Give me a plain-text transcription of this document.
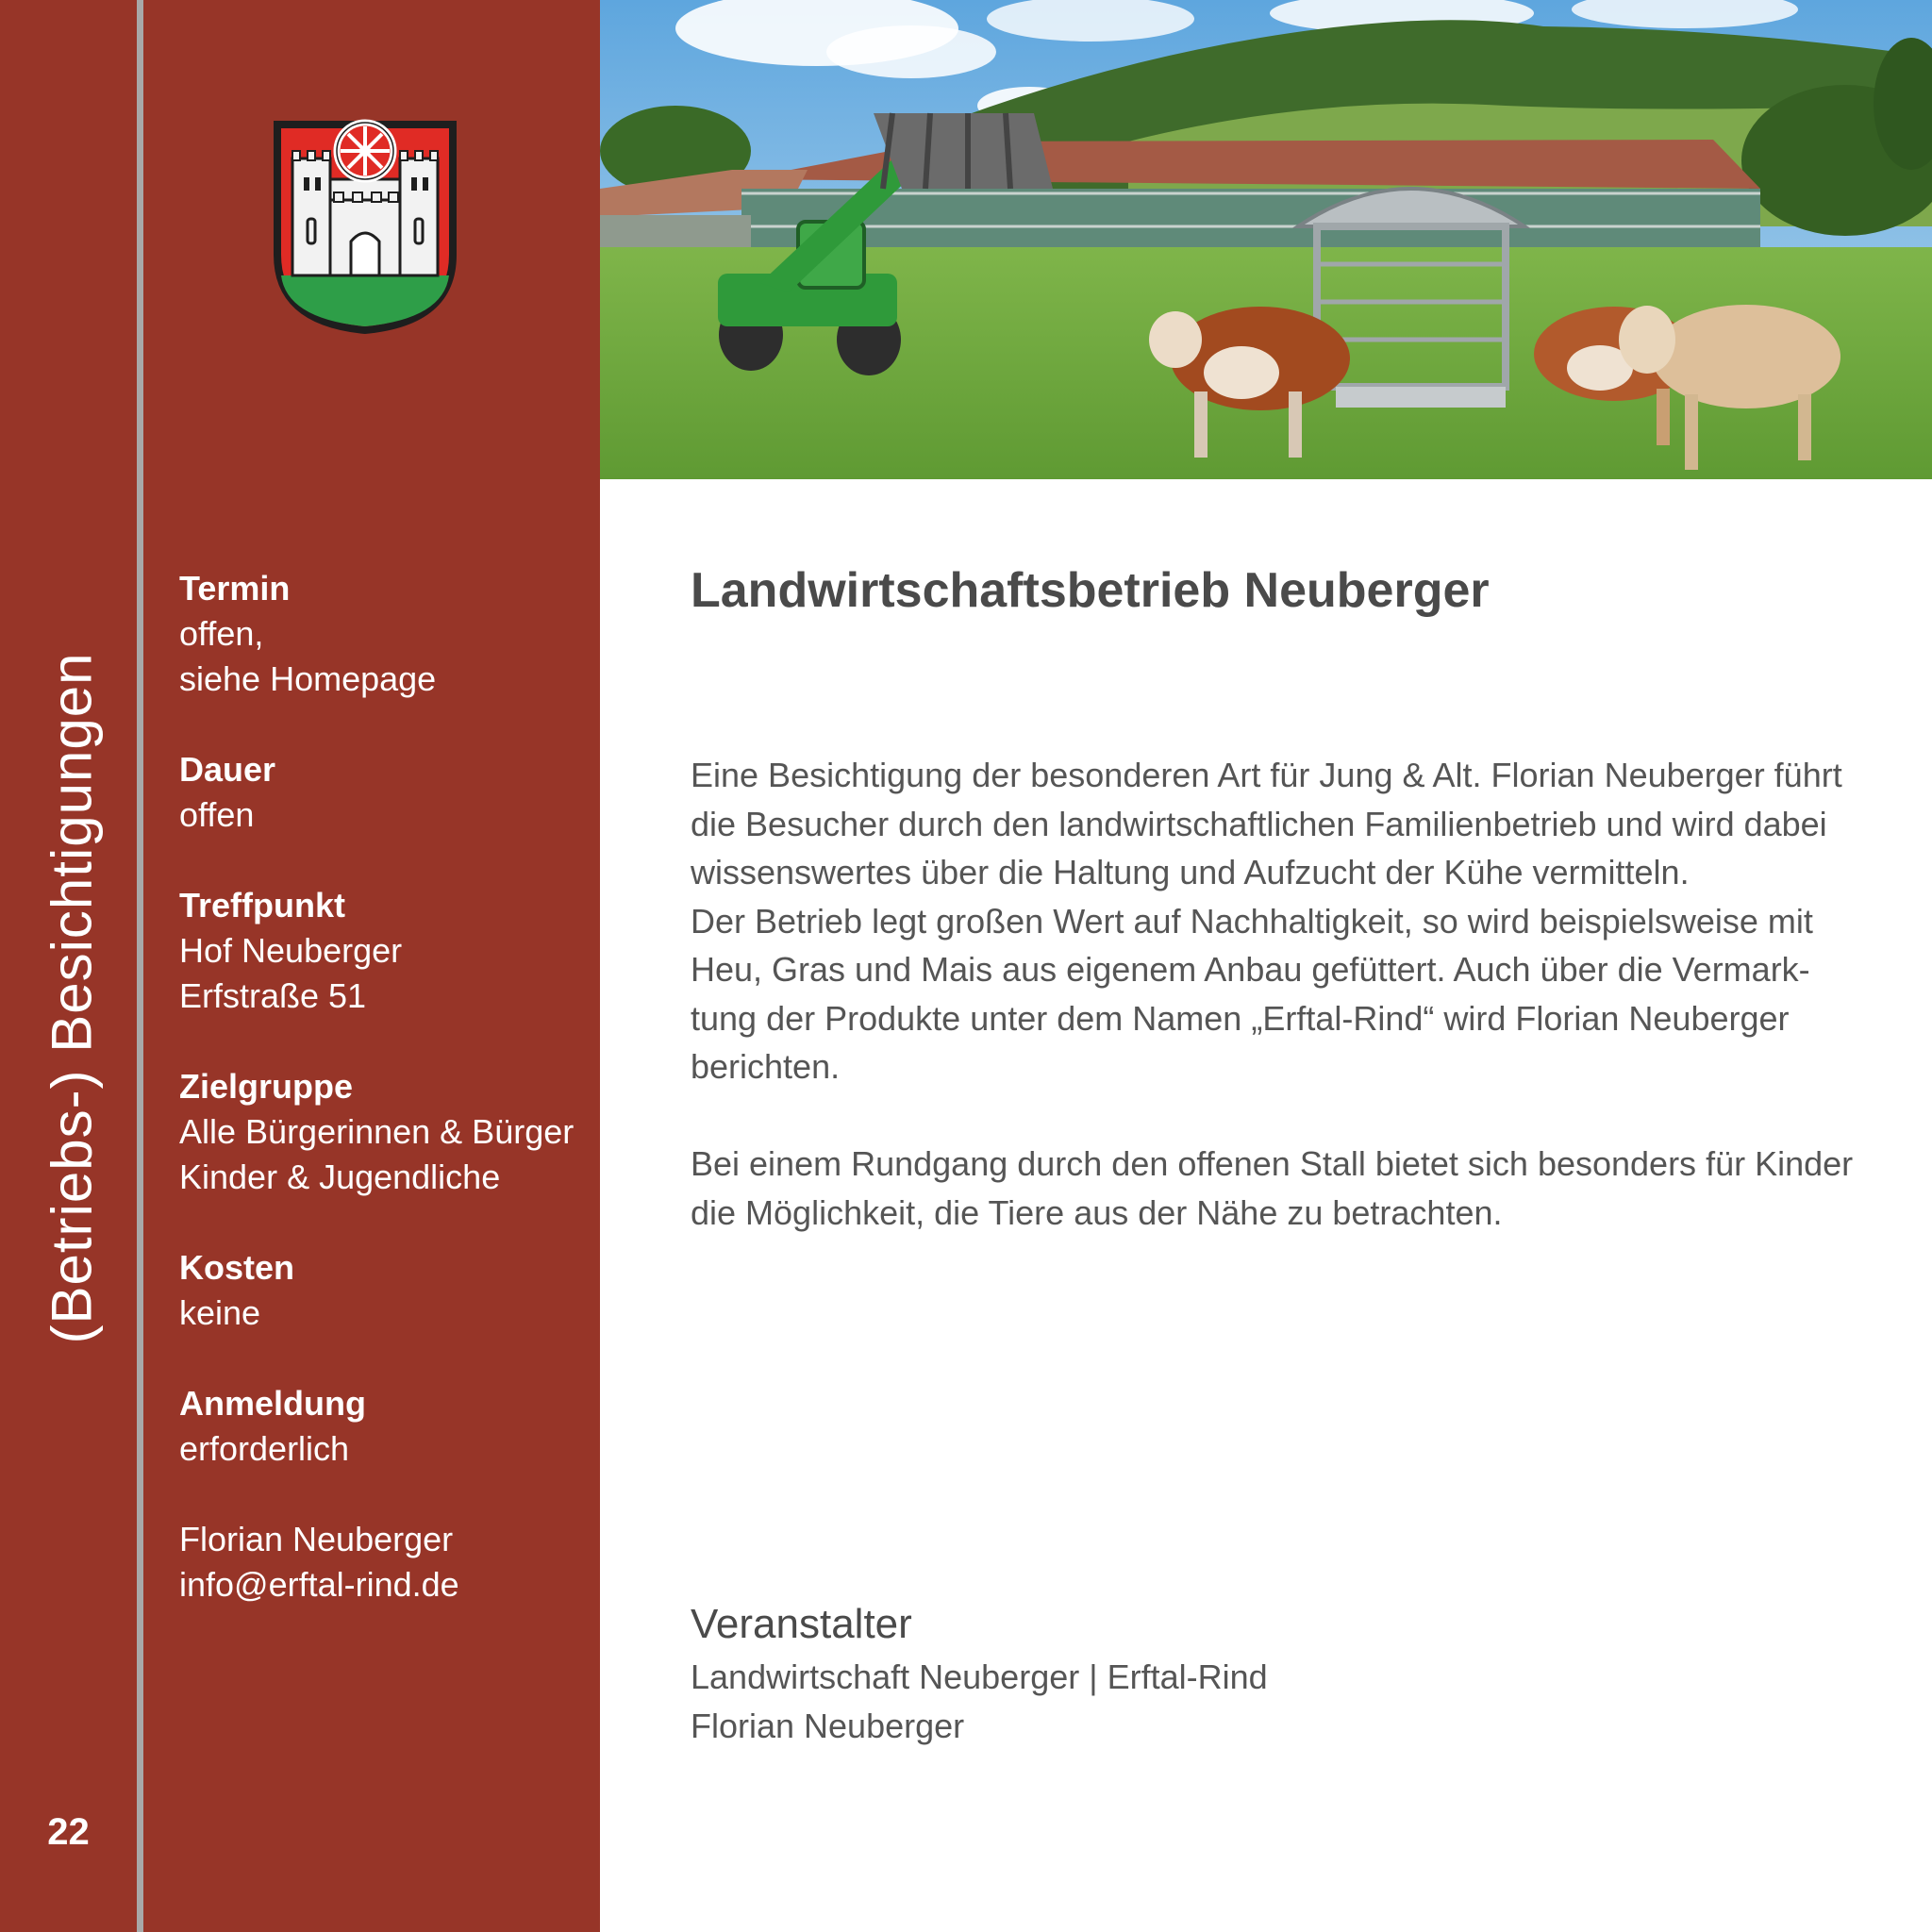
(Betriebs-) Besichtigungen
22
Termin
offen,
siehe Homepage
Dauer
offen
Treffpunkt
Hof Neuberger
Erfstraße 51
Zielgruppe
Alle Bürgerinnen & Bürger
Kinder & Jugendliche
Kosten
keine
Anmeldung
erforderlich
Florian Neuberger
info@erftal-rind.de
Landwirtschaftsbetrieb Neuberger
Eine Besichtigung der besonderen Art für Jung & Alt. Florian Neuberger führt
die Besucher durch den landwirtschaftlichen Familienbetrieb und wird dabei
wissenswertes über die Haltung und Aufzucht der Kühe vermitteln.
Der Betrieb legt großen Wert auf Nachhaltigkeit, so wird beispielsweise mit
Heu, Gras und Mais aus eigenem Anbau gefüttert. Auch über die Vermark-
tung der Produkte unter dem Namen „Erftal-Rind“ wird Florian Neuberger
berichten.

Bei einem Rundgang durch den offenen Stall bietet sich besonders für Kinder
die Möglichkeit, die Tiere aus der Nähe zu betrachten.
Veranstalter
Landwirtschaft Neuberger | Erftal-Rind
Florian Neuberger
